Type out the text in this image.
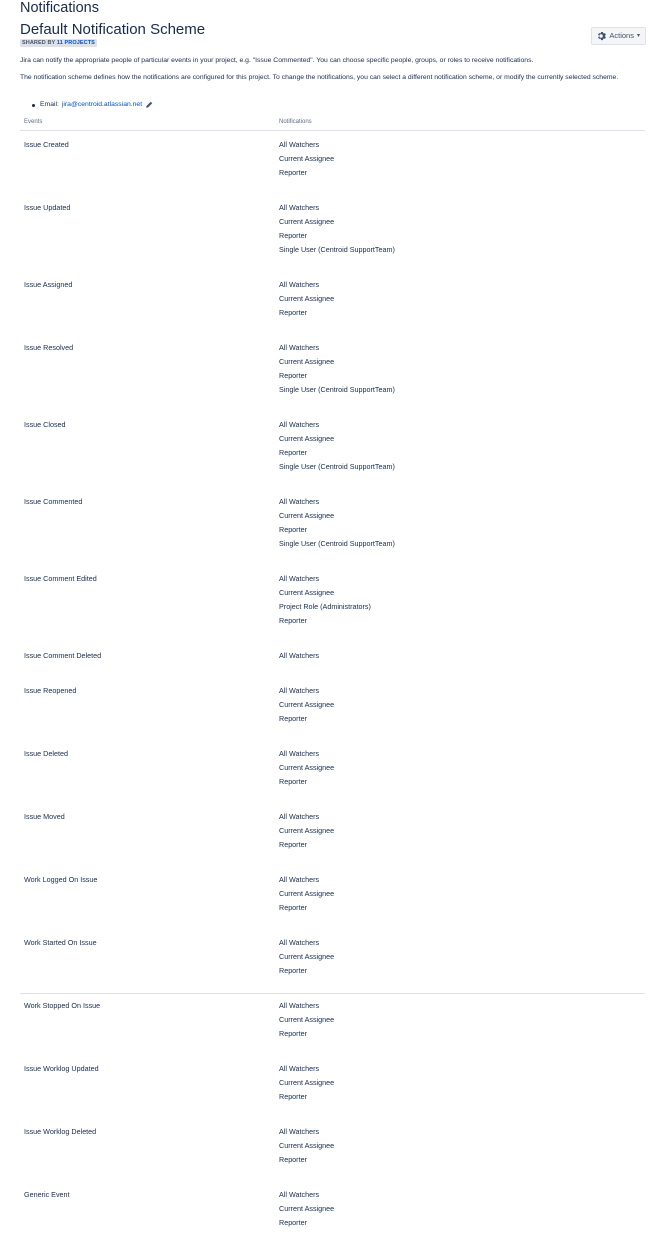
Notifications
Default Notification Scheme
SHARED BY 11 PROJECTS
Actions ▾

Jira can notify the appropriate people of particular events in your project, e.g. "Issue Commented". You can choose specific people, groups, or roles to receive notifications.

The notification scheme defines how the notifications are configured for this project. To change the notifications, you can select a different notification scheme, or modify the currently selected scheme.

Email: jira@centroid.atlassian.net
Events	Notifications
Issue Created	All Watchers
Current Assignee
Reporter
Issue Updated	All Watchers
Current Assignee
Reporter
Single User (Centroid SupportTeam)
Issue Assigned	All Watchers
Current Assignee
Reporter
Issue Resolved	All Watchers
Current Assignee
Reporter
Single User (Centroid SupportTeam)
Issue Closed	All Watchers
Current Assignee
Reporter
Single User (Centroid SupportTeam)
Issue Commented	All Watchers
Current Assignee
Reporter
Single User (Centroid SupportTeam)
Issue Comment Edited	All Watchers
Current Assignee
Project Role (Administrators)
Reporter
Issue Comment Deleted	All Watchers
Issue Reopened	All Watchers
Current Assignee
Reporter
Issue Deleted	All Watchers
Current Assignee
Reporter
Issue Moved	All Watchers
Current Assignee
Reporter
Work Logged On Issue	All Watchers
Current Assignee
Reporter
Work Started On Issue	All Watchers
Current Assignee
Reporter
Work Stopped On Issue	All Watchers
Current Assignee
Reporter
Issue Worklog Updated	All Watchers
Current Assignee
Reporter
Issue Worklog Deleted	All Watchers
Current Assignee
Reporter
Generic Event	All Watchers
Current Assignee
Reporter
